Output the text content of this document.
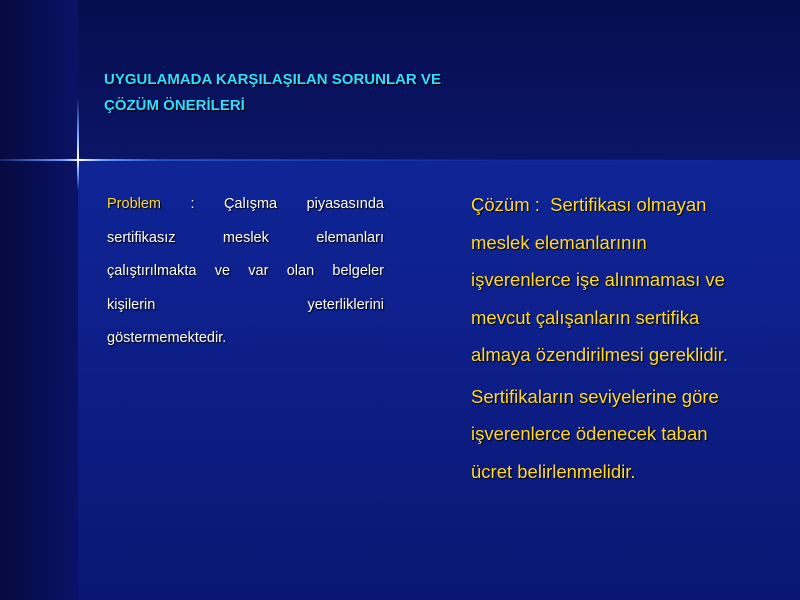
UYGULAMADA KARŞILAŞILAN SORUNLAR VE
ÇÖZÜM ÖNERİLERİ
Problem : Çalışma piyasasında
sertifikasız	meslek	elemanları
çalıştırılmakta ve var olan belgeler
kişilerin	yeterliklerini
göstermemektedir.
Çözüm : Sertifikası olmayan
meslek elemanlarının
işverenlerce işe alınmaması ve
mevcut çalışanların sertifika
almaya özendirilmesi gereklidir.
Sertifikaların seviyelerine göre
işverenlerce ödenecek taban
ücret belirlenmelidir.
